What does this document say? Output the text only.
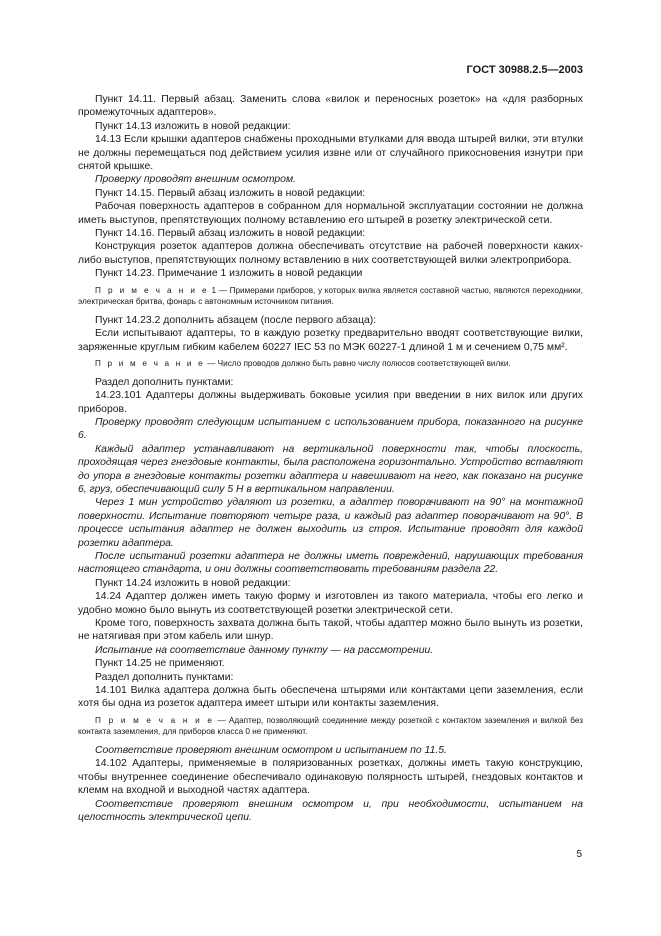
ГОСТ 30988.2.5—2003

Пункт 14.11. Первый абзац. Заменить слова «вилок и переносных розеток» на «для разборных промежуточных адаптеров».

Пункт 14.13 изложить в новой редакции:

14.13 Если крышки адаптеров снабжены проходными втулками для ввода штырей вилки, эти втулки не должны перемещаться под действием усилия извне или от случайного прикосновения изнутри при снятой крышке.

Проверку проводят внешним осмотром.

Пункт 14.15. Первый абзац изложить в новой редакции:

Рабочая поверхность адаптеров в собранном для нормальной эксплуатации состоянии не должна иметь выступов, препятствующих полному вставлению его штырей в розетку электрической сети.

Пункт 14.16. Первый абзац изложить в новой редакции:

Конструкция розеток адаптеров должна обеспечивать отсутствие на рабочей поверхности каких-либо выступов, препятствующих полному вставлению в них соответствующей вилки электроприбора.

Пункт 14.23. Примечание 1 изложить в новой редакции

П р и м е ч а н и е 1 — Примерами приборов, у которых вилка является составной частью, являются переходники, электрическая бритва, фонарь с автономным источником питания.

Пункт 14.23.2 дополнить абзацем (после первого абзаца):

Если испытывают адаптеры, то в каждую розетку предварительно вводят соответствующие вилки, заряженные круглым гибким кабелем 60227 IEC 53 по МЭК 60227-1 длиной 1 м и сечением 0,75 мм².

П р и м е ч а н и е — Число проводов должно быть равно числу полюсов соответствующей вилки.

Раздел дополнить пунктами:

14.23.101 Адаптеры должны выдерживать боковые усилия при введении в них вилок или других приборов.

Проверку проводят следующим испытанием с использованием прибора, показанного на рисунке 6.

Каждый адаптер устанавливают на вертикальной поверхности так, чтобы плоскость, проходящая через гнездовые контакты, была расположена горизонтально. Устройство вставляют до упора в гнездовые контакты розетки адаптера и навешивают на него, как показано на рисунке 6, груз, обеспечивающий силу 5 Н в вертикальном направлении.

Через 1 мин устройство удаляют из розетки, а адаптер поворачивают на 90° на монтажной поверхности. Испытание повторяют четыре раза, и каждый раз адаптер поворачивают на 90°. В процессе испытания адаптер не должен выходить из строя. Испытание проводят для каждой розетки адаптера.

После испытаний розетки адаптера не должны иметь повреждений, нарушающих требования настоящего стандарта, и они должны соответствовать требованиям раздела 22.

Пункт 14.24 изложить в новой редакции:

14.24 Адаптер должен иметь такую форму и изготовлен из такого материала, чтобы его легко и удобно можно было вынуть из соответствующей розетки электрической сети.

Кроме того, поверхность захвата должна быть такой, чтобы адаптер можно было вынуть из розетки, не натягивая при этом кабель или шнур.

Испытание на соответствие данному пункту — на рассмотрении.

Пункт 14.25 не применяют.

Раздел дополнить пунктами:

14.101 Вилка адаптера должна быть обеспечена штырями или контактами цепи заземления, если хотя бы одна из розеток адаптера имеет штыри или контакты заземления.

П р и м е ч а н и е — Адаптер, позволяющий соединение между розеткой с контактом заземления и вилкой без контакта заземления, для приборов класса 0 не применяют.

Соответствие проверяют внешним осмотром и испытанием по 11.5.

14.102 Адаптеры, применяемые в поляризованных розетках, должны иметь такую конструкцию, чтобы внутреннее соединение обеспечивало одинаковую полярность штырей, гнездовых контактов и клемм на входной и выходной частях адаптера.

Соответствие проверяют внешним осмотром и, при необходимости, испытанием на целостность электрической цепи.

5
